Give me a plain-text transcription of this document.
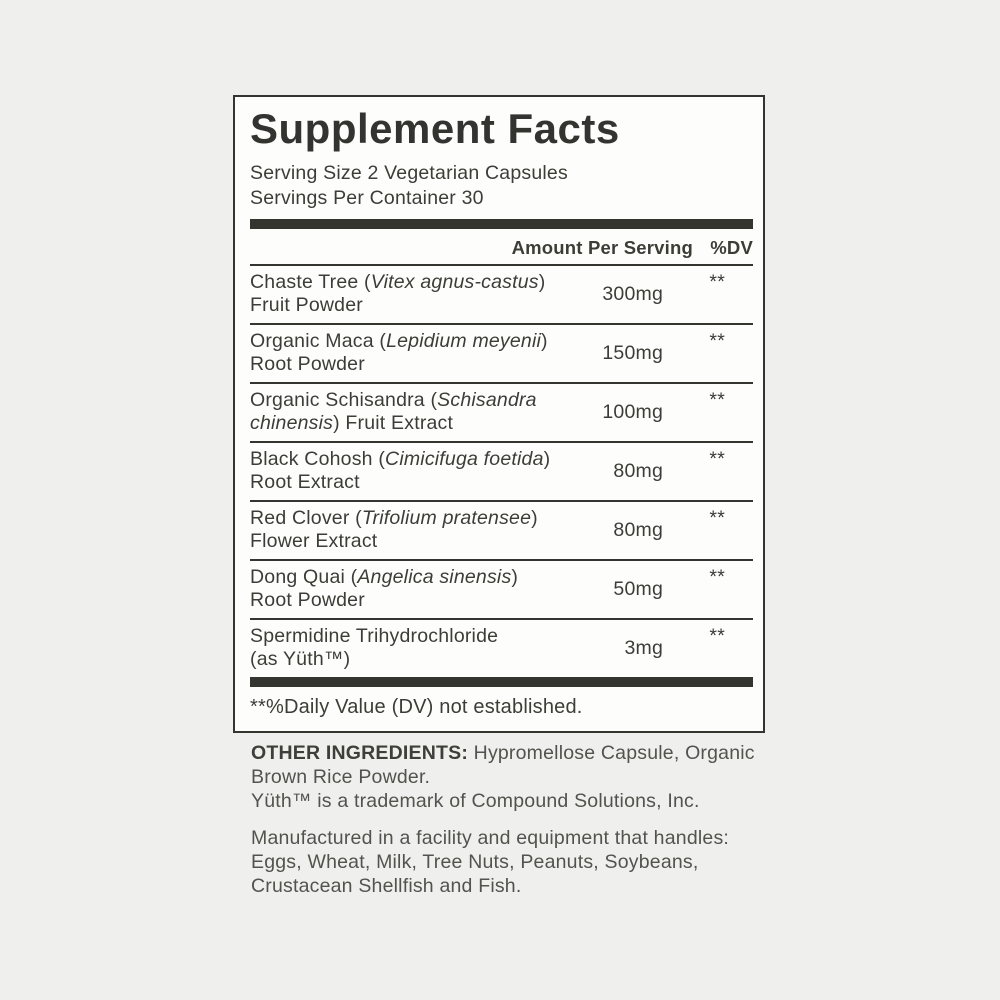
Supplement Facts
Serving Size 2 Vegetarian Capsules
Servings Per Container 30
Amount Per Serving %DV
Chaste Tree (Vitex agnus-castus)
Fruit Powder
300mg
**
Organic Maca (Lepidium meyenii)
Root Powder
150mg
**
Organic Schisandra (Schisandra
chinensis) Fruit Extract
100mg
**
Black Cohosh (Cimicifuga foetida)
Root Extract
80mg
**
Red Clover (Trifolium pratensee)
Flower Extract
80mg
**
Dong Quai (Angelica sinensis)
Root Powder
50mg
**
Spermidine Trihydrochloride
(as Yüth™)
3mg
**
**%Daily Value (DV) not established.
OTHER INGREDIENTS: Hypromellose Capsule, Organic
Brown Rice Powder.
Yüth™ is a trademark of Compound Solutions, Inc.
Manufactured in a facility and equipment that handles:
Eggs, Wheat, Milk, Tree Nuts, Peanuts, Soybeans,
Crustacean Shellfish and Fish.
